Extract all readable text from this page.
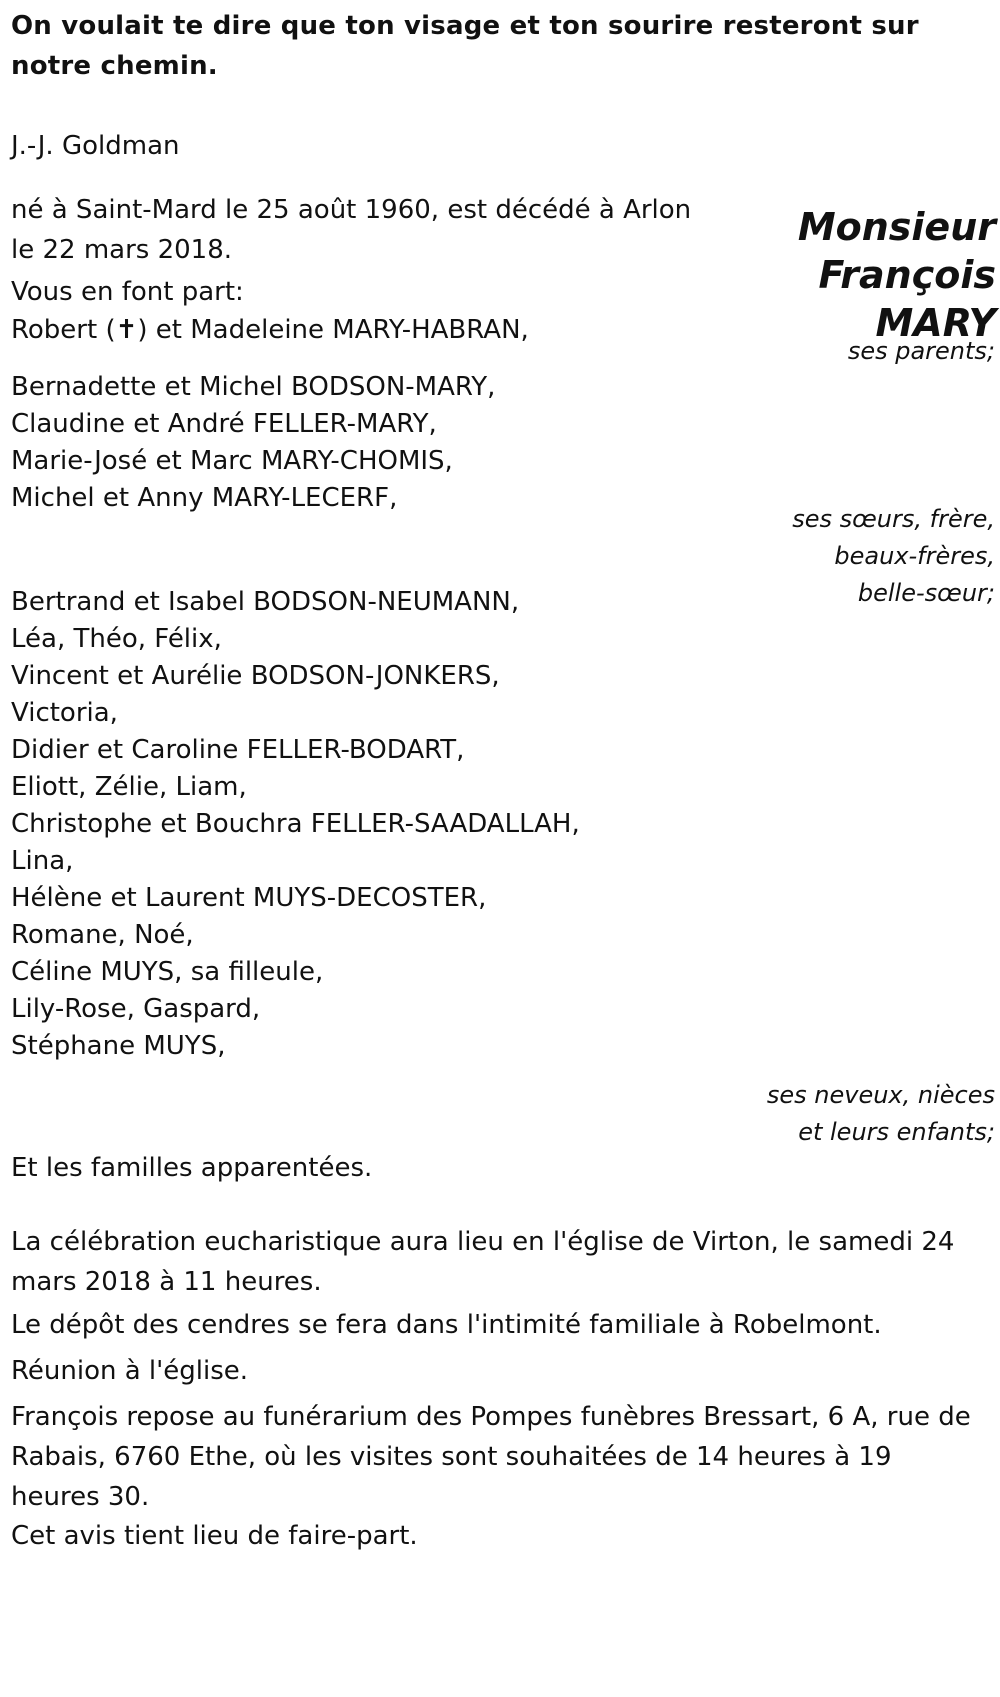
On voulait te dire que ton visage et ton sourire resteront sur notre chemin.
J.-J. Goldman
Monsieur
François
MARY
né à Saint-Mard le 25 août 1960, est décédé à Arlon le 22 mars 2018.
Vous en font part:
Robert (✝) et Madeleine MARY-HABRAN,
ses parents;
Bernadette et Michel BODSON-MARY,
Claudine et André FELLER-MARY,
Marie-José et Marc MARY-CHOMIS,
Michel et Anny MARY-LECERF,
ses sœurs, frère,
beaux-frères,
belle-sœur;
Bertrand et Isabel BODSON-NEUMANN,
Léa, Théo, Félix,
Vincent et Aurélie BODSON-JONKERS,
Victoria,
Didier et Caroline FELLER-BODART,
Eliott, Zélie, Liam,
Christophe et Bouchra FELLER-SAADALLAH,
Lina,
Hélène et Laurent MUYS-DECOSTER,
Romane, Noé,
Céline MUYS, sa filleule,
Lily-Rose, Gaspard,
Stéphane MUYS,
ses neveux, nièces
et leurs enfants;
Et les familles apparentées.
La célébration eucharistique aura lieu en l'église de Virton, le samedi 24 mars 2018 à 11 heures.
Le dépôt des cendres se fera dans l'intimité familiale à Robelmont.
Réunion à l'église.
François repose au funérarium des Pompes funèbres Bressart, 6 A, rue de Rabais, 6760 Ethe, où les visites sont souhaitées de 14 heures à 19 heures 30.
Cet avis tient lieu de faire-part.
